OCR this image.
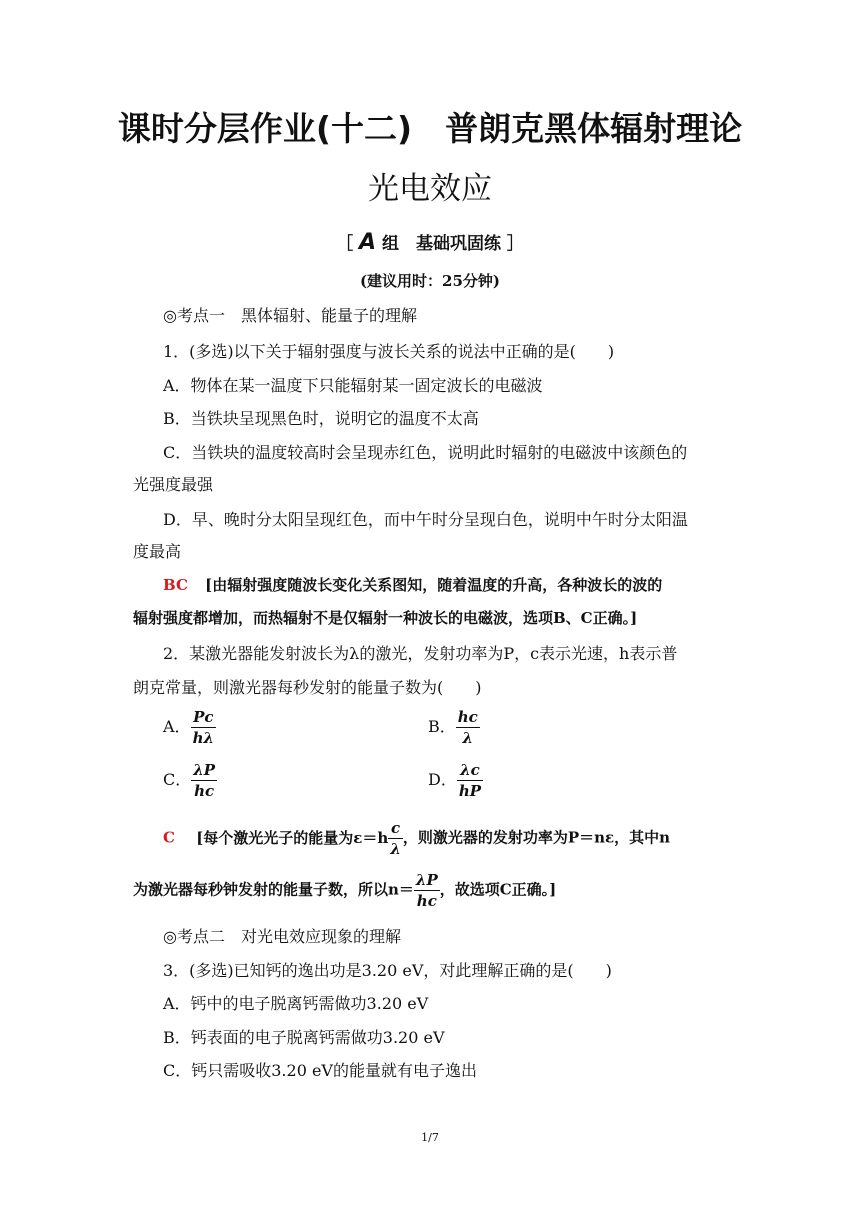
课时分层作业(十二)　普朗克黑体辐射理论
光电效应
［ A 组　基础巩固练 ］
(建议用时：25分钟)
◎考点一　黑体辐射、能量子的理解
1．(多选)以下关于辐射强度与波长关系的说法中正确的是(　　)
A．物体在某一温度下只能辐射某一固定波长的电磁波
B．当铁块呈现黑色时，说明它的温度不太高
C．当铁块的温度较高时会呈现赤红色，说明此时辐射的电磁波中该颜色的
光强度最强
D．早、晚时分太阳呈现红色，而中午时分呈现白色，说明中午时分太阳温
度最高
BC [由辐射强度随波长变化关系图知，随着温度的升高，各种波长的波的
辐射强度都增加，而热辐射不是仅辐射一种波长的电磁波，选项B、C正确。]
2．某激光器能发射波长为λ的激光，发射功率为P，c表示光速，h表示普
朗克常量，则激光器每秒发射的能量子数为(　　)
A． $\frac{Pc}{h\lambda}$	B． $\frac{hc}{\lambda}$
C． $\frac{\lambda P}{hc}$	D． $\frac{\lambda c}{hP}$
C [每个激光光子的能量为$\varepsilon=h \frac{c}{\lambda}$ ，则激光器的发射功率为P＝nε，其中n
为激光器每秒钟发射的能量子数，所以$n= \frac{\lambda P}{hc}$ ，故选项C正确。]
◎考点二　对光电效应现象的理解
3．(多选)已知钙的逸出功是3.20 eV，对此理解正确的是(　　)
A．钙中的电子脱离钙需做功3.20 eV
B．钙表面的电子脱离钙需做功3.20 eV
C．钙只需吸收3.20 eV的能量就有电子逸出
1/7
